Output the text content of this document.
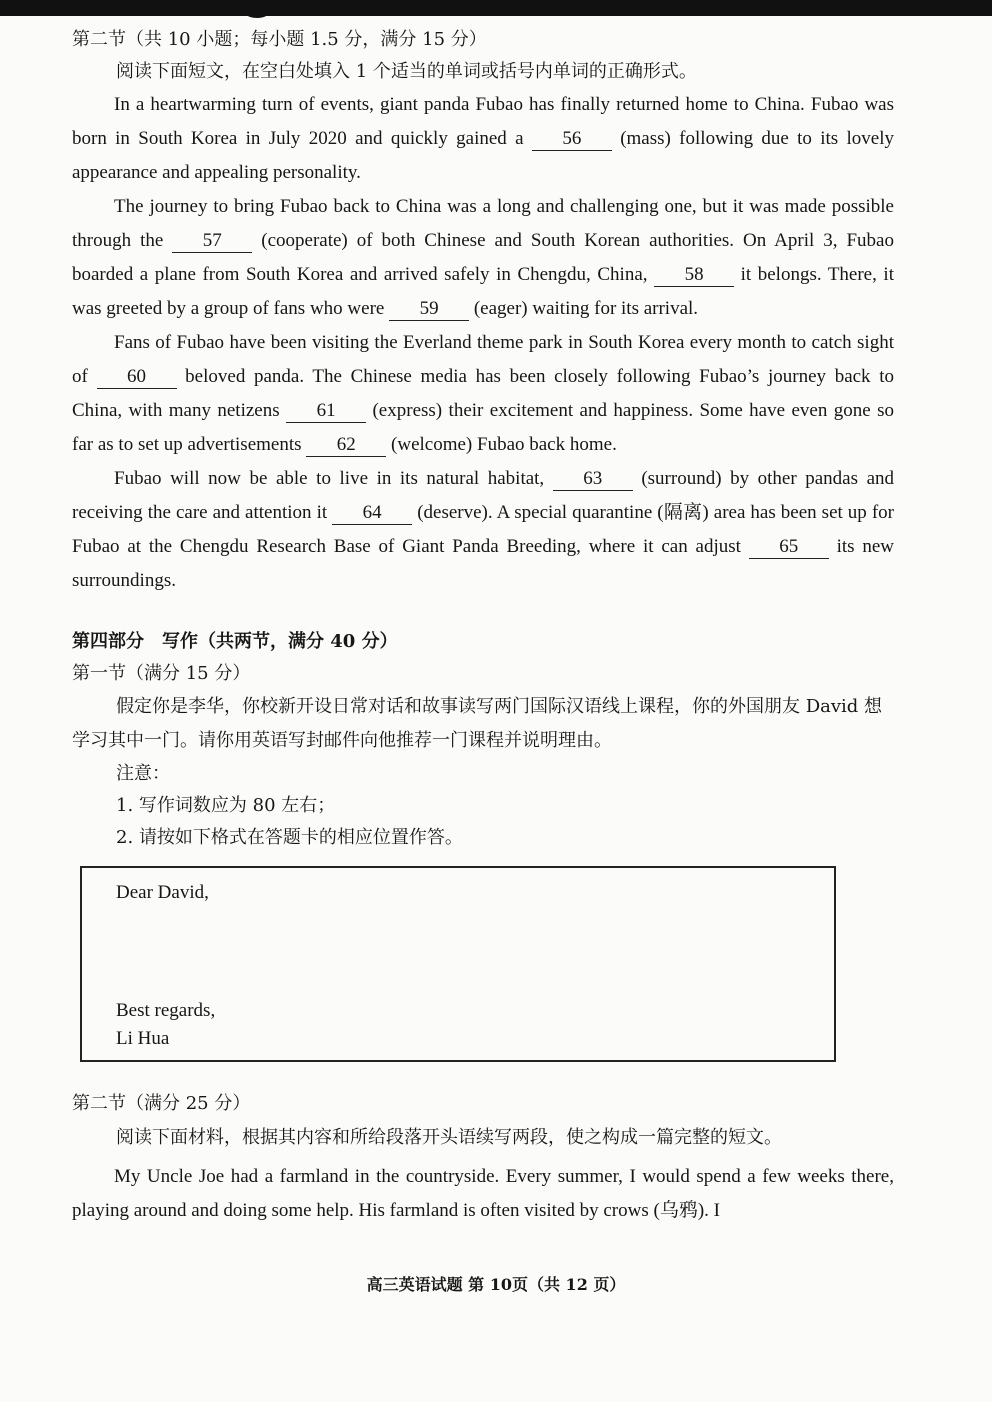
第二节（共 10 小题；每小题 1.5 分，满分 15 分）
阅读下面短文，在空白处填入 1 个适当的单词或括号内单词的正确形式。

In a heartwarming turn of events, giant panda Fubao has finally returned home to China. Fubao was born in South Korea in July 2020 and quickly gained a 56 (mass) following due to its lovely appearance and appealing personality.

The journey to bring Fubao back to China was a long and challenging one, but it was made possible through the 57 (cooperate) of both Chinese and South Korean authorities. On April 3, Fubao boarded a plane from South Korea and arrived safely in Chengdu, China, 58 it belongs. There, it was greeted by a group of fans who were 59 (eager) waiting for its arrival.

Fans of Fubao have been visiting the Everland theme park in South Korea every month to catch sight of 60 beloved panda. The Chinese media has been closely following Fubao’s journey back to China, with many netizens 61 (express) their excitement and happiness. Some have even gone so far as to set up advertisements 62 (welcome) Fubao back home.

Fubao will now be able to live in its natural habitat, 63 (surround) by other pandas and receiving the care and attention it 64 (deserve). A special quarantine (隔离) area has been set up for Fubao at the Chengdu Research Base of Giant Panda Breeding, where it can adjust 65 its new surroundings.

第四部分　写作（共两节，满分 40 分）
第一节（满分 15 分）
假定你是李华，你校新开设日常对话和故事读写两门国际汉语线上课程，你的外国朋友 David 想学习其中一门。请你用英语写封邮件向他推荐一门课程并说明理由。
注意：
1. 写作词数应为 80 左右；
2. 请按如下格式在答题卡的相应位置作答。
Dear David,
Best regards,
Li Hua
第二节（满分 25 分）
阅读下面材料，根据其内容和所给段落开头语续写两段，使之构成一篇完整的短文。

My Uncle Joe had a farmland in the countryside. Every summer, I would spend a few weeks there, playing around and doing some help. His farmland is often visited by crows (乌鸦). I

高三英语试题 第 10页（共 12 页）
